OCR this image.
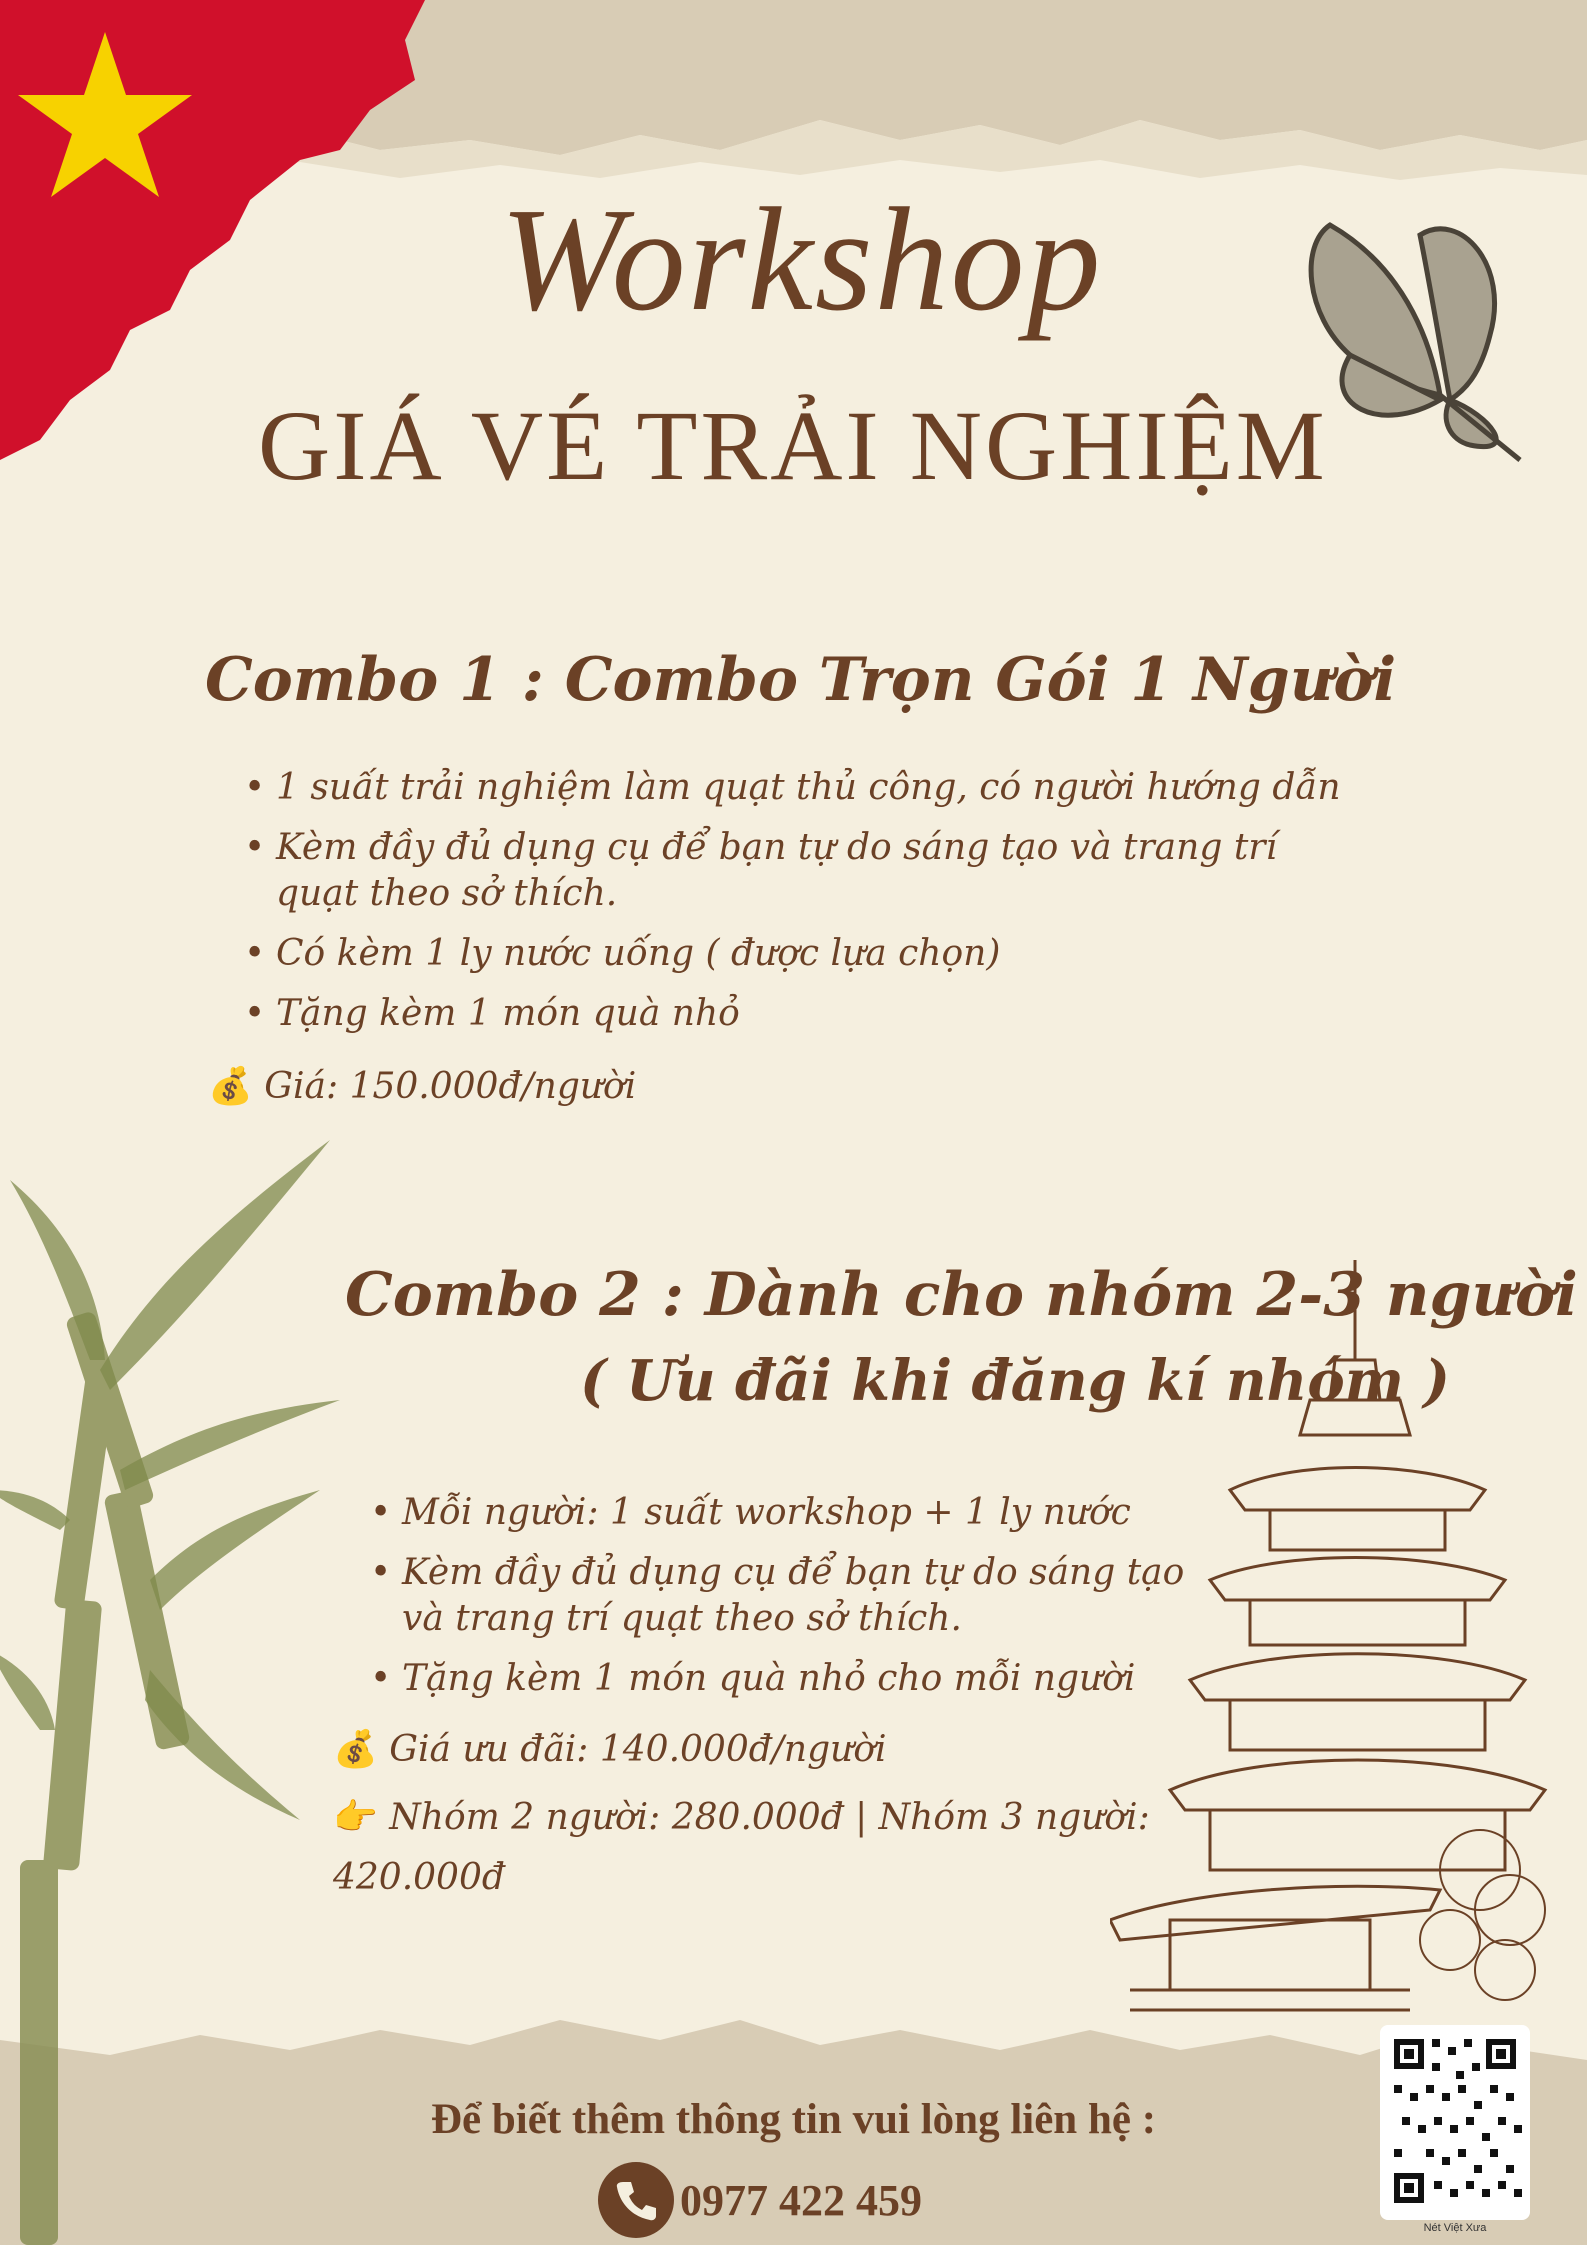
Nét Việt Xưa
Workshop
GIÁ VÉ TRẢI NGHIỆM
Combo 1 : Combo Trọn Gói 1 Người
• 1 suất trải nghiệm làm quạt thủ công, có người hướng dẫn
• Kèm đầy đủ dụng cụ để bạn tự do sáng tạo và trang trí quạt theo sở thích.
• Có kèm 1 ly nước uống ( được lựa chọn)
• Tặng kèm 1 món quà nhỏ
💰 Giá: 150.000đ/người
Combo 2 : Dành cho nhóm 2-3 người
( Ưu đãi khi đăng kí nhóm )
• Mỗi người: 1 suất workshop + 1 ly nước
• Kèm đầy đủ dụng cụ để bạn tự do sáng tạo và trang trí quạt theo sở thích.
• Tặng kèm 1 món quà nhỏ cho mỗi người
💰 Giá ưu đãi: 140.000đ/người
👉 Nhóm 2 người: 280.000đ | Nhóm 3 người: 420.000đ
Để biết thêm thông tin vui lòng liên hệ :
0977 422 459
